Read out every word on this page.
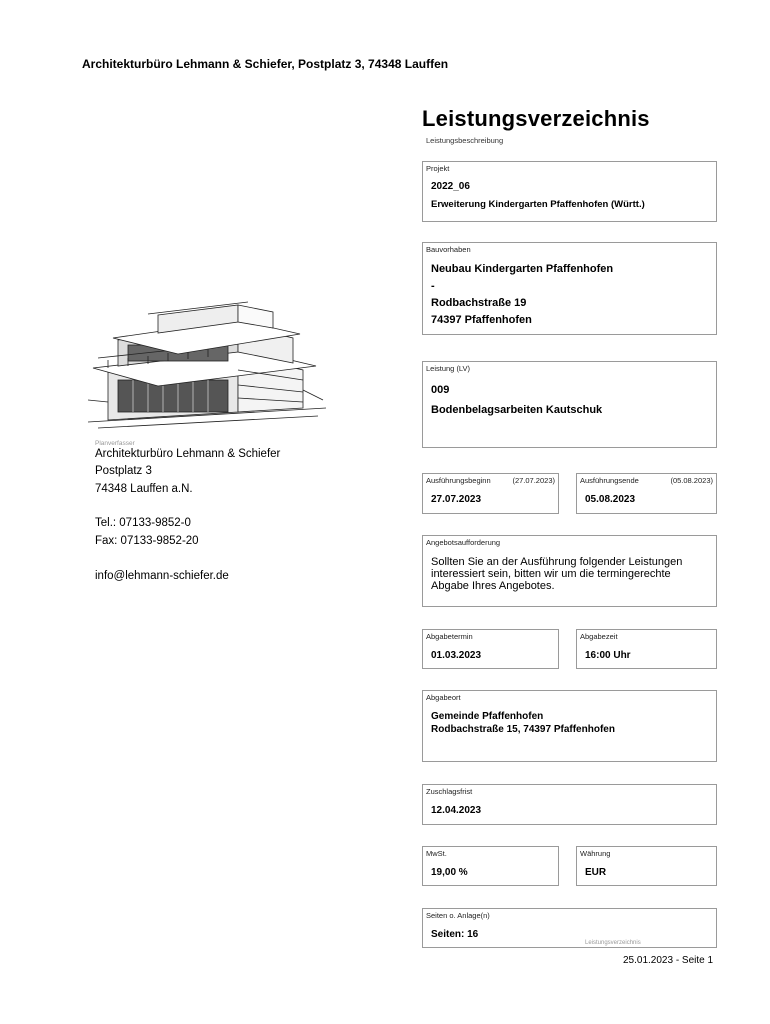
Architekturbüro Lehmann & Schiefer, Postplatz 3, 74348 Lauffen
Leistungsverzeichnis
Leistungsbeschreibung
Planverfasser
Architekturbüro Lehmann & Schiefer
Postplatz 3
74348 Lauffen a.N.
Tel.: 07133-9852-0
Fax: 07133-9852-20
info@lehmann-schiefer.de
Projekt
2022_06
Erweiterung Kindergarten Pfaffenhofen (Württ.)
Bauvorhaben
Neubau Kindergarten Pfaffenhofen
-
Rodbachstraße 19
74397 Pfaffenhofen
Leistung (LV)
009
Bodenbelagsarbeiten Kautschuk
Ausführungsbeginn	(27.07.2023)
27.07.2023
Ausführungsende	(05.08.2023)
05.08.2023
Angebotsaufforderung
Sollten Sie an der Ausführung folgender Leistungen interessiert sein, bitten wir um die termingerechte Abgabe Ihres Angebotes.
Abgabetermin
01.03.2023
Abgabezeit
16:00 Uhr
Abgabeort
Gemeinde Pfaffenhofen
Rodbachstraße 15, 74397 Pfaffenhofen
Zuschlagsfrist
12.04.2023
MwSt.
19,00 %
Währung
EUR
Seiten o. Anlage(n)
Seiten: 16
Leistungsverzeichnis
25.01.2023 - Seite 1
